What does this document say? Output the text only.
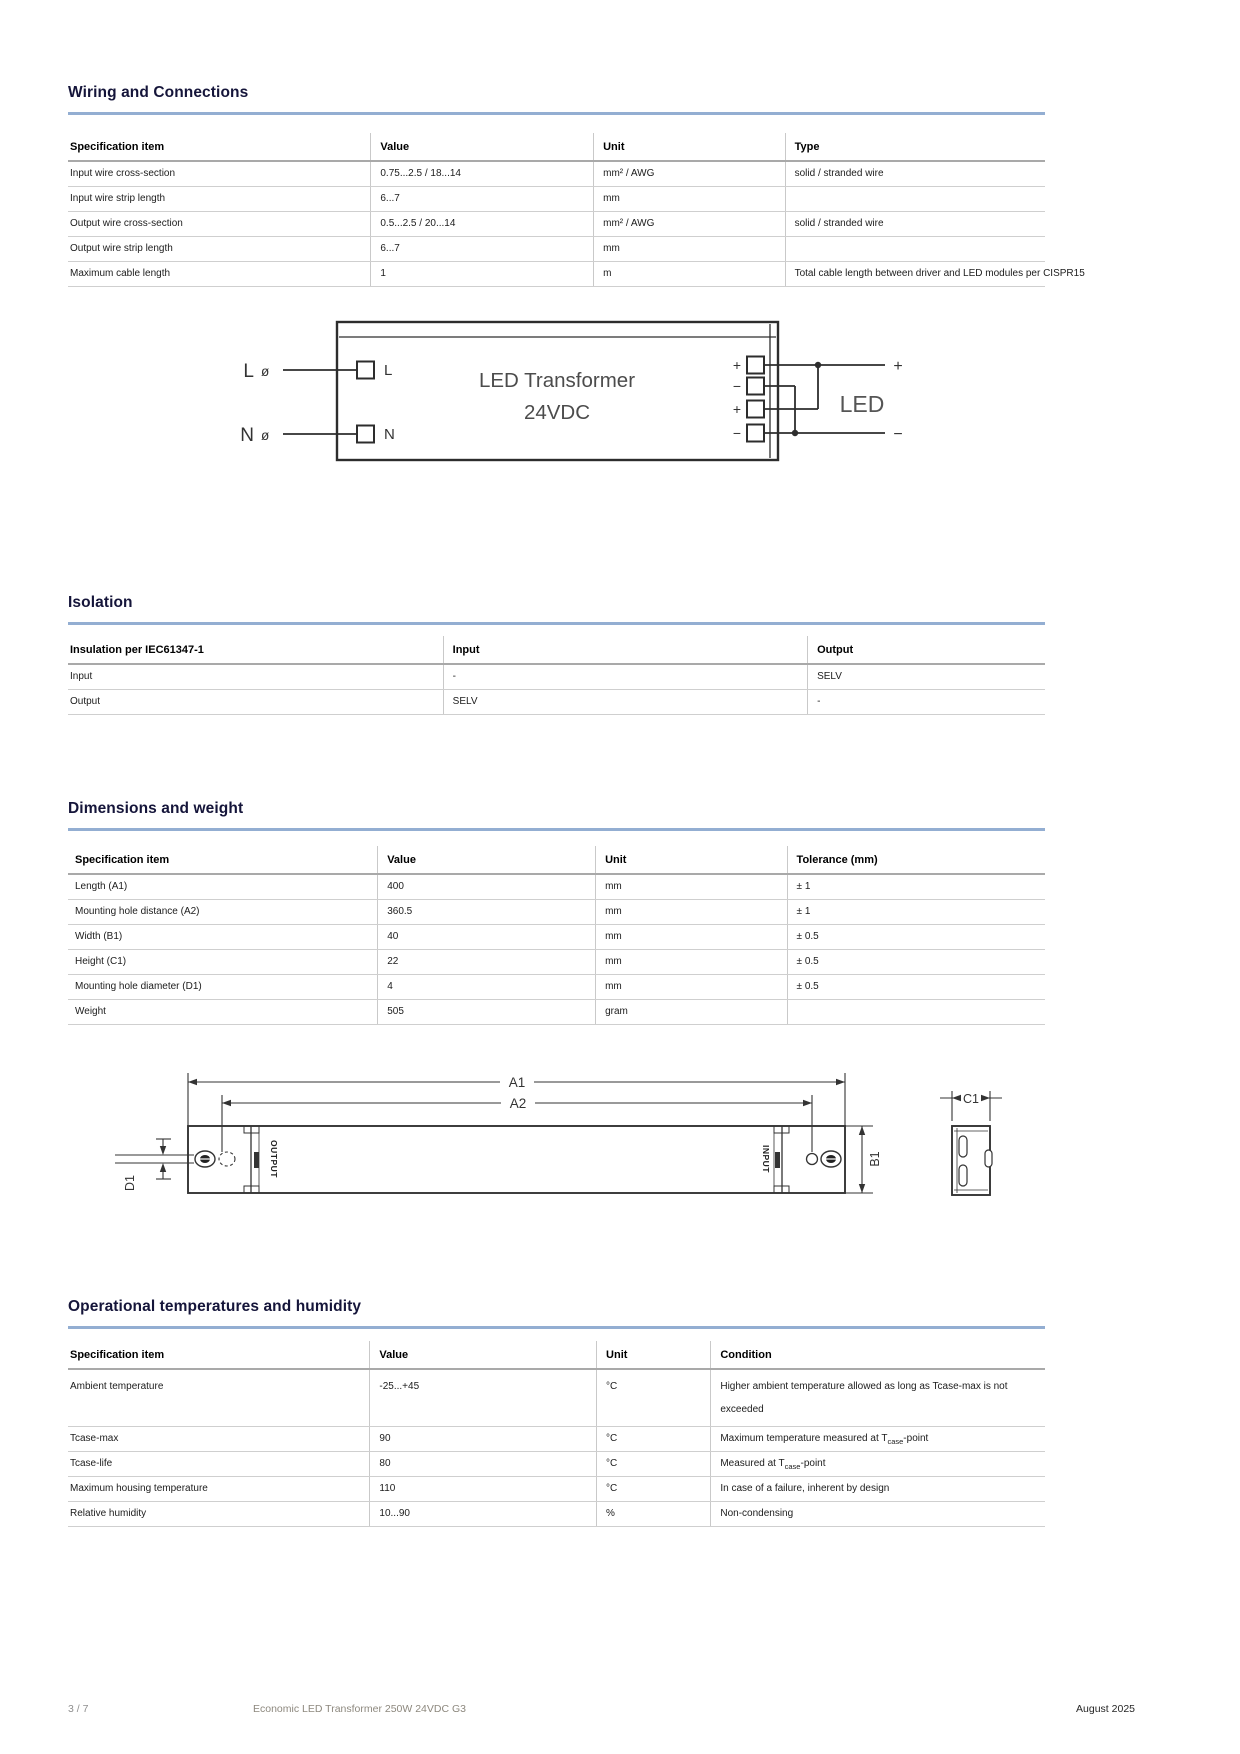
Wiring and Connections
Specification item	Value	Unit	Type
Input wire cross-section	0.75...2.5 / 18...14	mm² / AWG	solid / stranded wire
Input wire strip length	6...7	mm	
Output wire cross-section	0.5...2.5 / 20...14	mm² / AWG	solid / stranded wire
Output wire strip length	6...7	mm	
Maximum cable length	1	m	Total cable length between driver and LED modules per CISPR15
L ø
N ø
L
N
LED Transformer
24VDC
+
−
+
−
LED
+
−
Isolation
Insulation per IEC61347-1	Input	Output
Input	-	SELV
Output	SELV	-
Dimensions and weight
Specification item	Value	Unit	Tolerance (mm)
Length (A1)	400	mm	± 1
Mounting hole distance (A2)	360.5	mm	± 1
Width (B1)	40	mm	± 0.5
Height (C1)	22	mm	± 0.5
Mounting hole diameter (D1)	4	mm	± 0.5
Weight	505	gram	
A1
A2
D1
OUTPUT	INPUT	B1
C1
Operational temperatures and humidity
Specification item	Value	Unit	Condition
Ambient temperature	-25...+45	°C	Higher ambient temperature allowed as long as Tcase-max is not exceeded
Tcase-max	90	°C	Maximum temperature measured at $T_{case}$-point
Tcase-life	80	°C	Measured at $T_{case}$-point
Maximum housing temperature	110	°C	In case of a failure, inherent by design
Relative humidity	10...90	%	Non-condensing
3 / 7	Economic LED Transformer 250W 24VDC G3	August 2025
